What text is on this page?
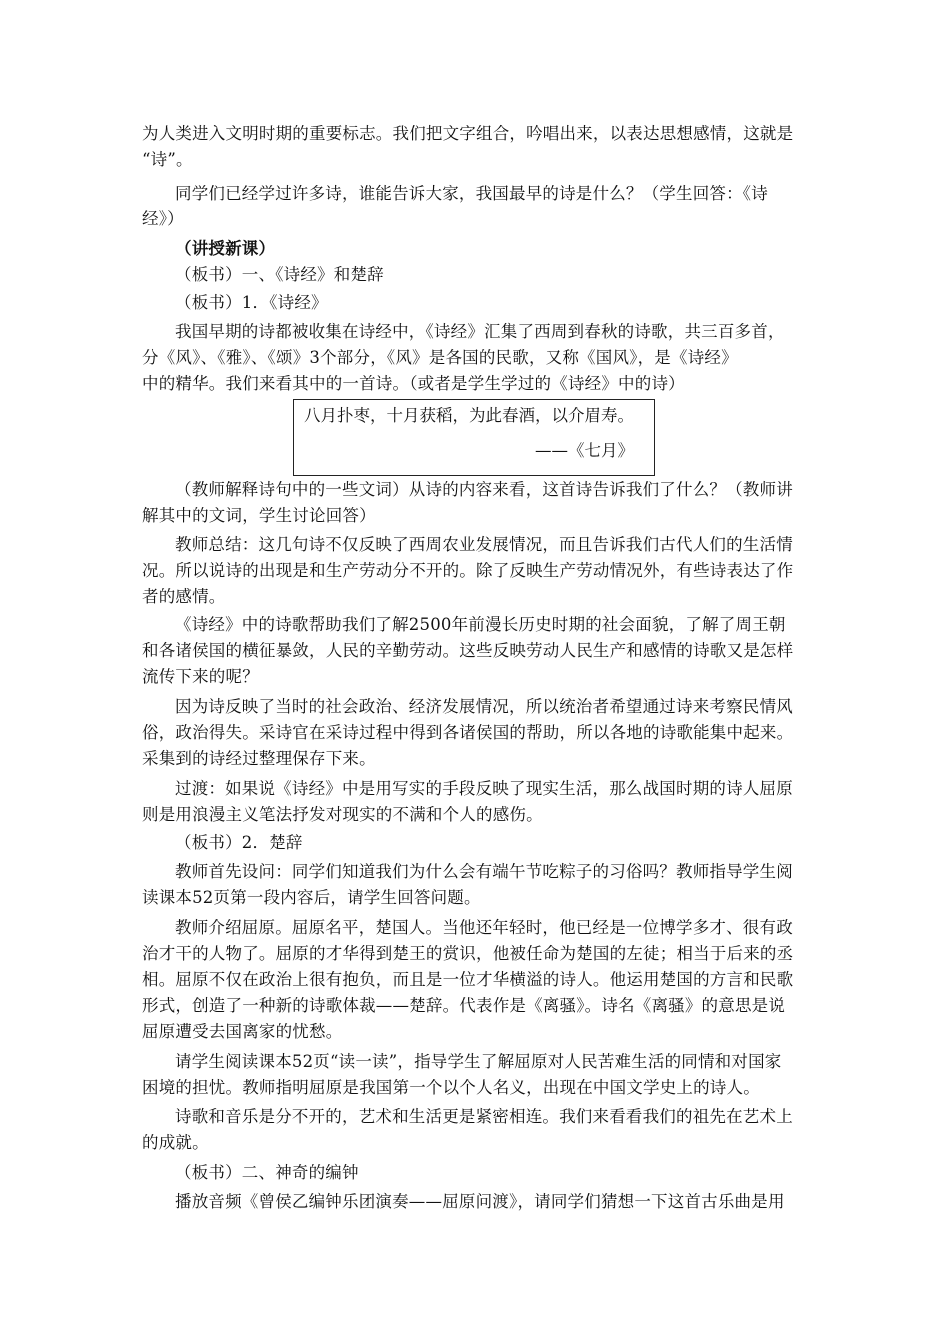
为人类进入文明时期的重要标志。我们把文字组合，吟唱出来，以表达思想感情，这就是
“诗”。
同学们已经学过许多诗，谁能告诉大家，我国最早的诗是什么？（学生回答：《诗
经》）
（讲授新课）
（板书）一、《诗经》和楚辞
（板书）1．《诗经》
我国早期的诗都被收集在诗经中，《诗经》汇集了西周到春秋的诗歌，共三百多首，
分《风》、《雅》、《颂》3个部分，《风》是各国的民歌，又称《国风》，是《诗经》
中的精华。我们来看其中的一首诗。（或者是学生学过的《诗经》中的诗）
八月扑枣，十月获稻，为此春酒，以介眉寿。
——《七月》
（教师解释诗句中的一些文词）从诗的内容来看，这首诗告诉我们了什么？（教师讲
解其中的文词，学生讨论回答）
教师总结：这几句诗不仅反映了西周农业发展情况，而且告诉我们古代人们的生活情
况。所以说诗的出现是和生产劳动分不开的。除了反映生产劳动情况外，有些诗表达了作
者的感情。
《诗经》中的诗歌帮助我们了解2500年前漫长历史时期的社会面貌，了解了周王朝
和各诸侯国的横征暴敛，人民的辛勤劳动。这些反映劳动人民生产和感情的诗歌又是怎样
流传下来的呢？
因为诗反映了当时的社会政治、经济发展情况，所以统治者希望通过诗来考察民情风
俗，政治得失。采诗官在采诗过程中得到各诸侯国的帮助，所以各地的诗歌能集中起来。
采集到的诗经过整理保存下来。
过渡：如果说《诗经》中是用写实的手段反映了现实生活，那么战国时期的诗人屈原
则是用浪漫主义笔法抒发对现实的不满和个人的感伤。
（板书）2．楚辞
教师首先设问：同学们知道我们为什么会有端午节吃粽子的习俗吗？教师指导学生阅
读课本52页第一段内容后，请学生回答问题。
教师介绍屈原。屈原名平，楚国人。当他还年轻时，他已经是一位博学多才、很有政
治才干的人物了。屈原的才华得到楚王的赏识，他被任命为楚国的左徒；相当于后来的丞
相。屈原不仅在政治上很有抱负，而且是一位才华横溢的诗人。他运用楚国的方言和民歌
形式，创造了一种新的诗歌体裁——楚辞。代表作是《离骚》。诗名《离骚》的意思是说
屈原遭受去国离家的忧愁。
请学生阅读课本52页“读一读”，指导学生了解屈原对人民苦难生活的同情和对国家
困境的担忧。教师指明屈原是我国第一个以个人名义，出现在中国文学史上的诗人。
诗歌和音乐是分不开的，艺术和生活更是紧密相连。我们来看看我们的祖先在艺术上
的成就。
（板书）二、神奇的编钟
播放音频《曾侯乙编钟乐团演奏——屈原问渡》，请同学们猜想一下这首古乐曲是用
